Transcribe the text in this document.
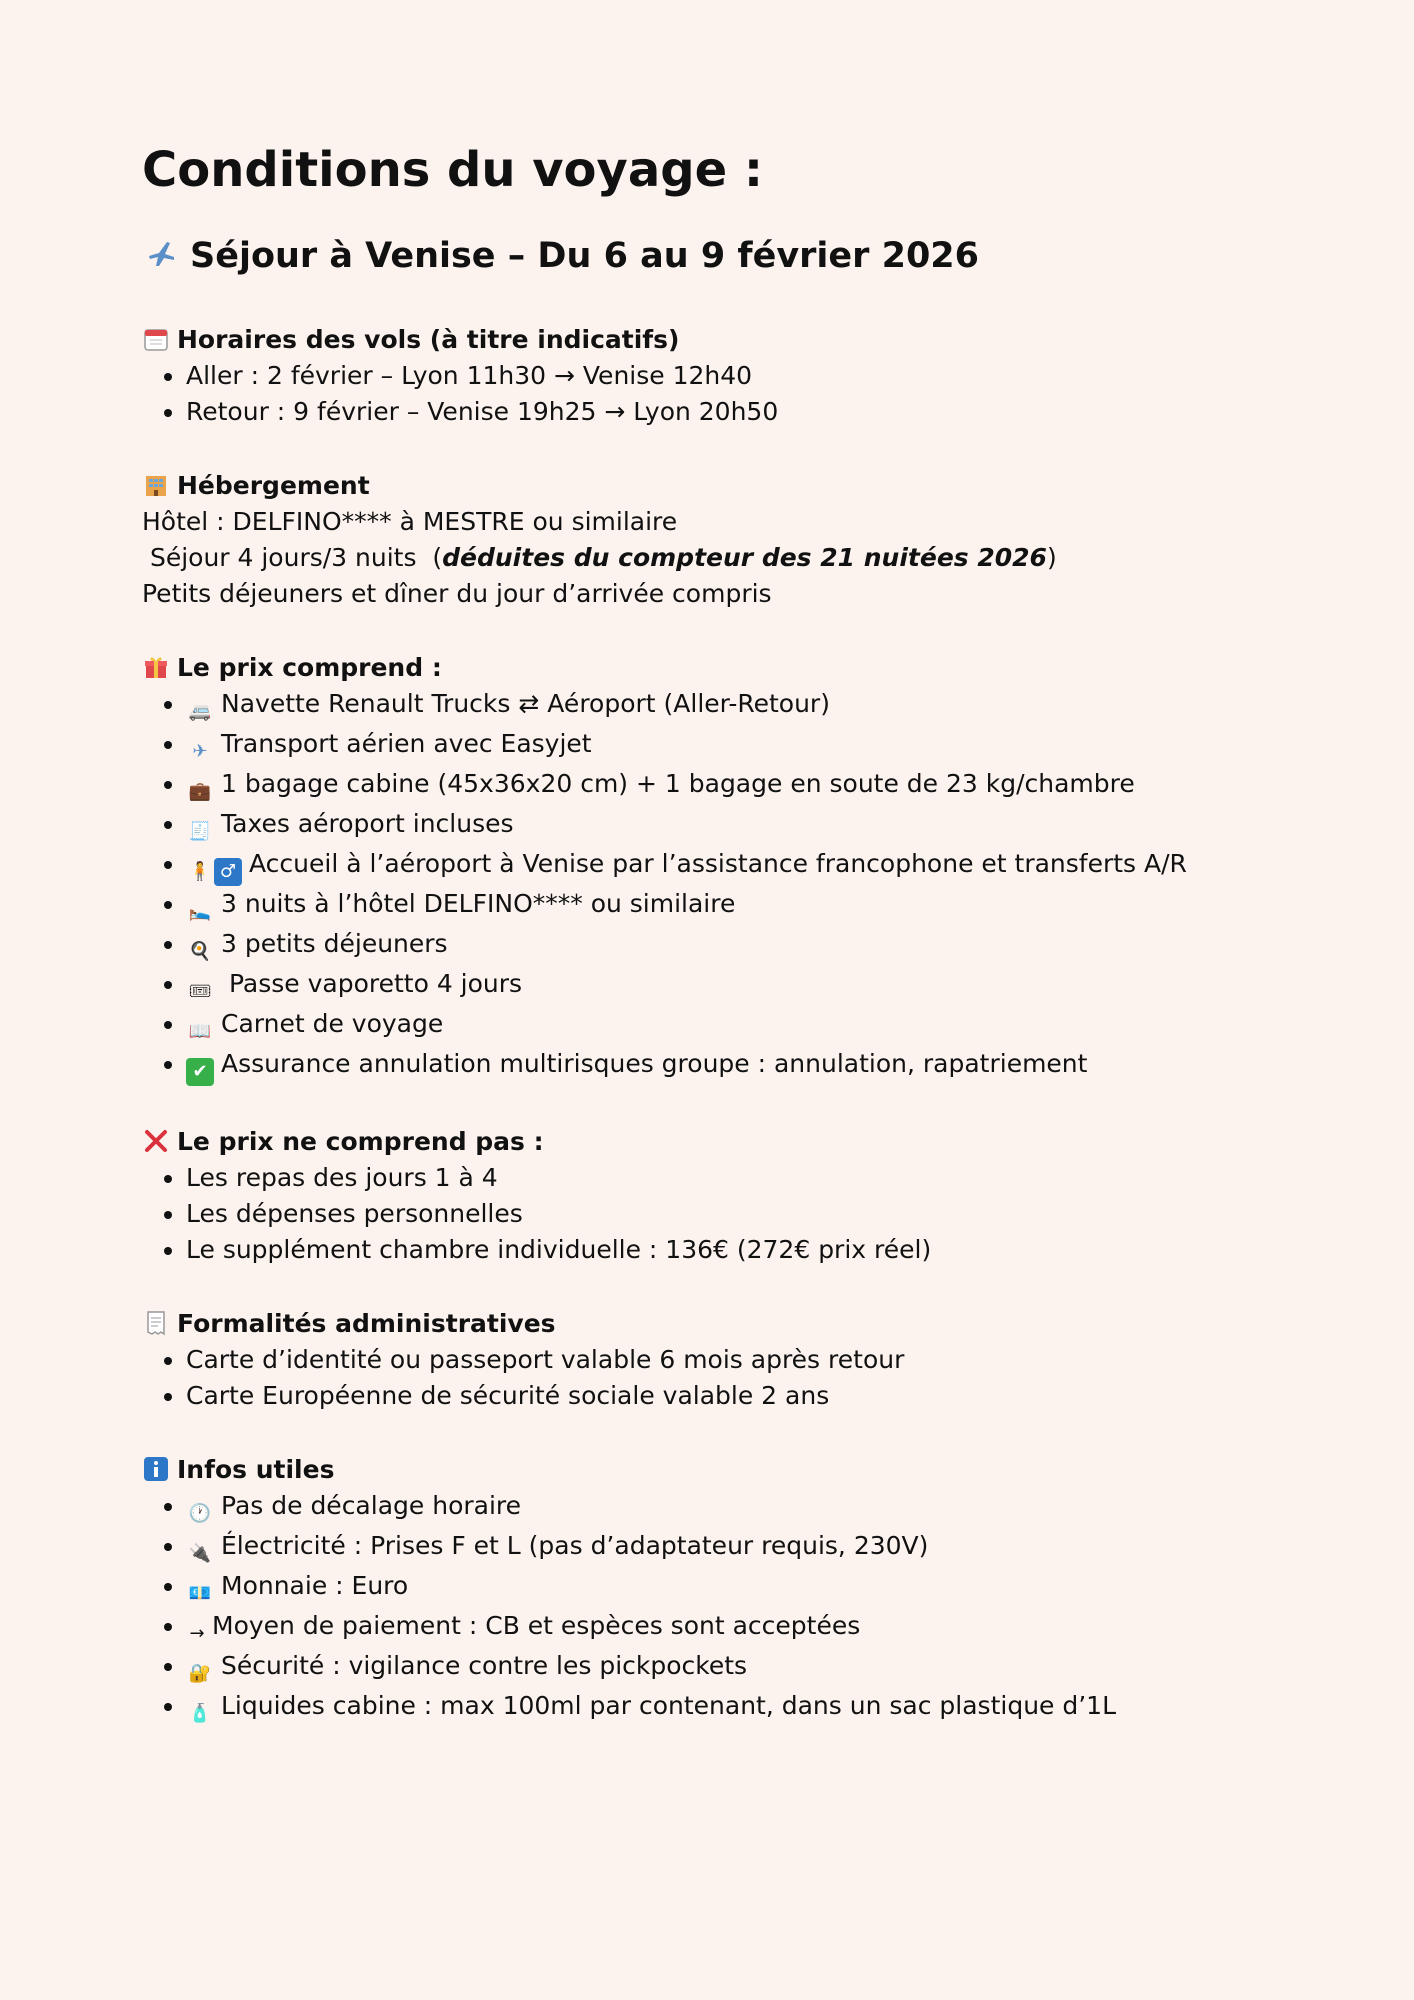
Conditions du voyage :
Séjour à Venise – Du 6 au 9 février 2026
Horaires des vols (à titre indicatifs)
• Aller : 2 février – Lyon 11h30 → Venise 12h40
• Retour : 9 février – Venise 19h25 → Lyon 20h50
Hébergement
Hôtel : DELFINO**** à MESTRE ou similaire
Séjour 4 jours/3 nuits  (déduites du compteur des 21 nuitées 2026)
Petits déjeuners et dîner du jour d’arrivée compris
Le prix comprend :
• 🚐 Navette Renault Trucks ⇄ Aéroport (Aller-Retour)
• ✈ Transport aérien avec Easyjet
• 💼 1 bagage cabine (45x36x20 cm) + 1 bagage en soute de 23 kg/chambre
• 🧾 Taxes aéroport incluses
• 🧍 ♂ Accueil à l’aéroport à Venise par l’assistance francophone et transferts A/R
• 🛌 3 nuits à l’hôtel DELFINO**** ou similaire
• 🍳 3 petits déjeuners
• 🎟 Passe vaporetto 4 jours
• 📖 Carnet de voyage
• ✔ Assurance annulation multirisques groupe : annulation, rapatriement
Le prix ne comprend pas :
• Les repas des jours 1 à 4
• Les dépenses personnelles
• Le supplément chambre individuelle : 136€ (272€ prix réel)
Formalités administratives
• Carte d’identité ou passeport valable 6 mois après retour
• Carte Européenne de sécurité sociale valable 2 ans
Infos utiles
• 🕐 Pas de décalage horaire
• 🔌 Électricité : Prises F et L (pas d’adaptateur requis, 230V)
• 💶 Monnaie : Euro
• → Moyen de paiement : CB et espèces sont acceptées
• 🔐 Sécurité : vigilance contre les pickpockets
• 🧴 Liquides cabine : max 100ml par contenant, dans un sac plastique d’1L
